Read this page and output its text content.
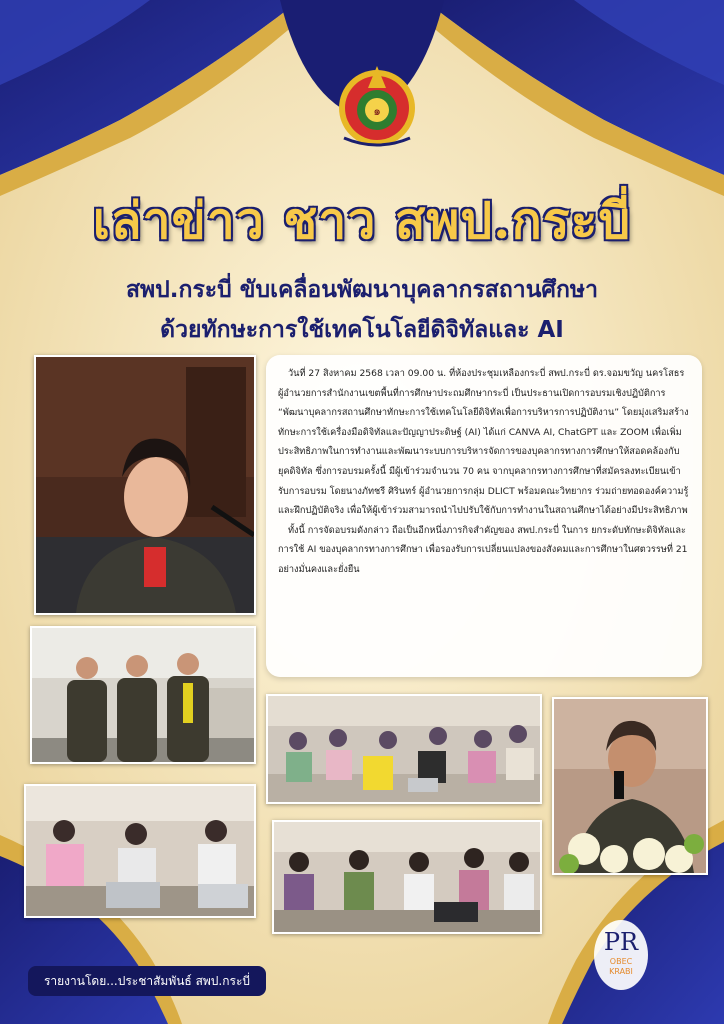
๑
เล่าข่าว ชาว สพป.กระบี่
สพป.กระบี่ ขับเคลื่อนพัฒนาบุคลากรสถานศึกษา
ด้วยทักษะการใช้เทคโนโลยีดิจิทัลและ AI

วันที่ 27 สิงหาคม 2568 เวลา 09.00 น. ที่ห้องประชุมเหลืองกระบี่ สพป.กระบี่ ดร.จอมขวัญ นครโสธร ผู้อำนวยการสำนักงานเขตพื้นที่การศึกษาประถมศึกษากระบี่ เป็นประธานเปิดการอบรมเชิงปฏิบัติการ “พัฒนาบุคลากรสถานศึกษาทักษะการใช้เทคโนโลยีดิจิทัลเพื่อการบริหารการปฏิบัติงาน” โดยมุ่งเสริมสร้างทักษะการใช้เครื่องมือดิจิทัลและปัญญาประดิษฐ์ (AI) ได้แก่ CANVA AI, ChatGPT และ ZOOM เพื่อเพิ่มประสิทธิภาพในการทำงานและพัฒนาระบบการบริหารจัดการของบุคลากรทางการศึกษาให้สอดคล้องกับยุคดิจิทัล ซึ่งการอบรมครั้งนี้ มีผู้เข้าร่วมจำนวน 70 คน จากบุคลากรทางการศึกษาที่สมัครลงทะเบียนเข้ารับการอบรม โดยนางภัทชรี ศิรินทร์ ผู้อำนวยการกลุ่ม DLICT พร้อมคณะวิทยากร ร่วมถ่ายทอดองค์ความรู้และฝึกปฏิบัติจริง เพื่อให้ผู้เข้าร่วมสามารถนำไปปรับใช้กับการทำงานในสถานศึกษาได้อย่างมีประสิทธิภาพ

ทั้งนี้ การจัดอบรมดังกล่าว ถือเป็นอีกหนึ่งภารกิจสำคัญของ สพป.กระบี่ ในการ ยกระดับทักษะดิจิทัลและการใช้ AI ของบุคลากรทางการศึกษา เพื่อรองรับการเปลี่ยนแปลงของสังคมและการศึกษาในศตวรรษที่ 21 อย่างมั่นคงและยั่งยืน

รายงานโดย...ประชาสัมพันธ์ สพป.กระบี่
PR
OBEC
KRABI
